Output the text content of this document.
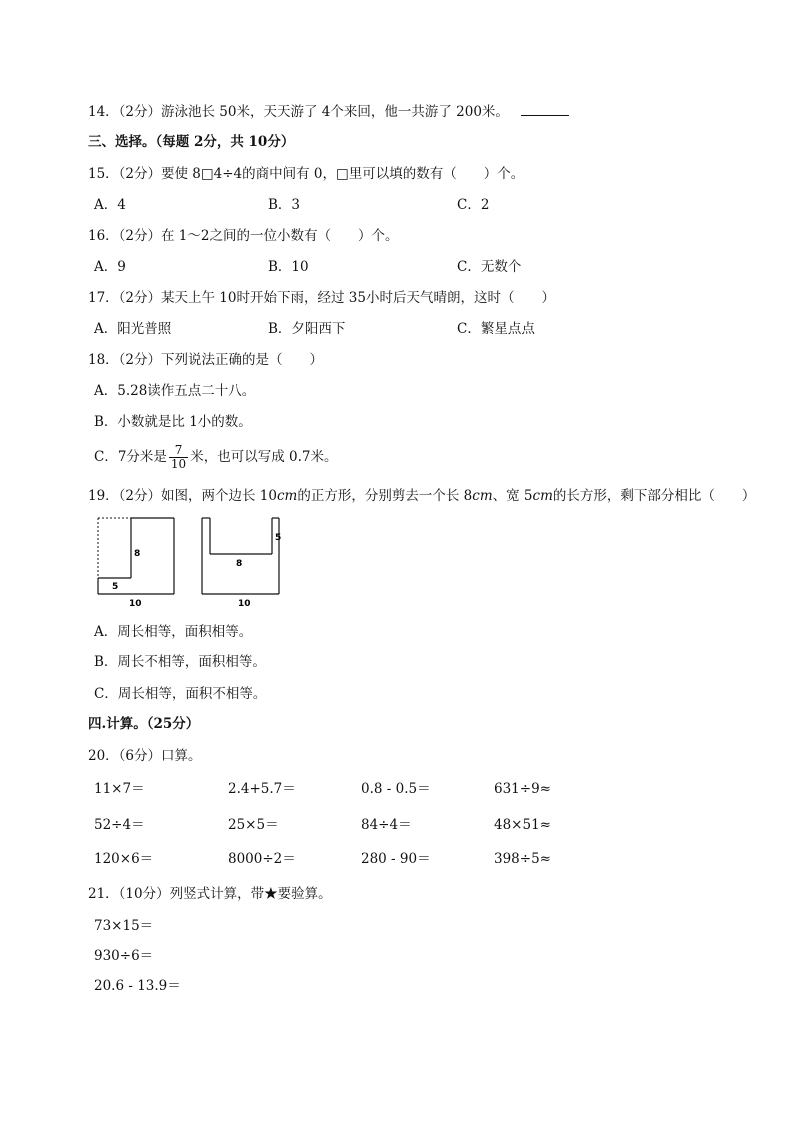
14．（2分）游泳池长 50米，天天游了 4个来回，他一共游了 200米。
三、选择。（每题 2分，共 10分）
15．（2分）要使 8□4÷4的商中间有 0，□里可以填的数有（　　）个。
A．4	B．3	C．2
16．（2分）在 1～2之间的一位小数有（　　）个。
A．9	B．10	C．无数个
17．（2分）某天上午 10时开始下雨，经过 35小时后天气晴朗，这时（　　）
A．阳光普照	B．夕阳西下	C．繁星点点
18．（2分）下列说法正确的是（　　）
A．5.28读作五点二十八。
B．小数就是比 1小的数。
C．7分米是 $\frac{7}{10}$ 米，也可以写成 0.7米。
19．（2分）如图，两个边长 10cm的正方形，分别剪去一个长 8cm、宽 5cm的长方形，剩下部分相比（　　）
8
5
10
5
8
10
A．周长相等，面积相等。
B．周长不相等，面积相等。
C．周长相等，面积不相等。
四.计算。（25分）
20．（6分）口算。
11×7＝	2.4+5.7＝	0.8 - 0.5＝	631÷9≈
52÷4＝	25×5＝	84÷4＝	48×51≈
120×6＝	8000÷2＝	280 - 90＝	398÷5≈
21．（10分）列竖式计算，带★要验算。
73×15＝
930÷6＝
20.6 - 13.9＝
